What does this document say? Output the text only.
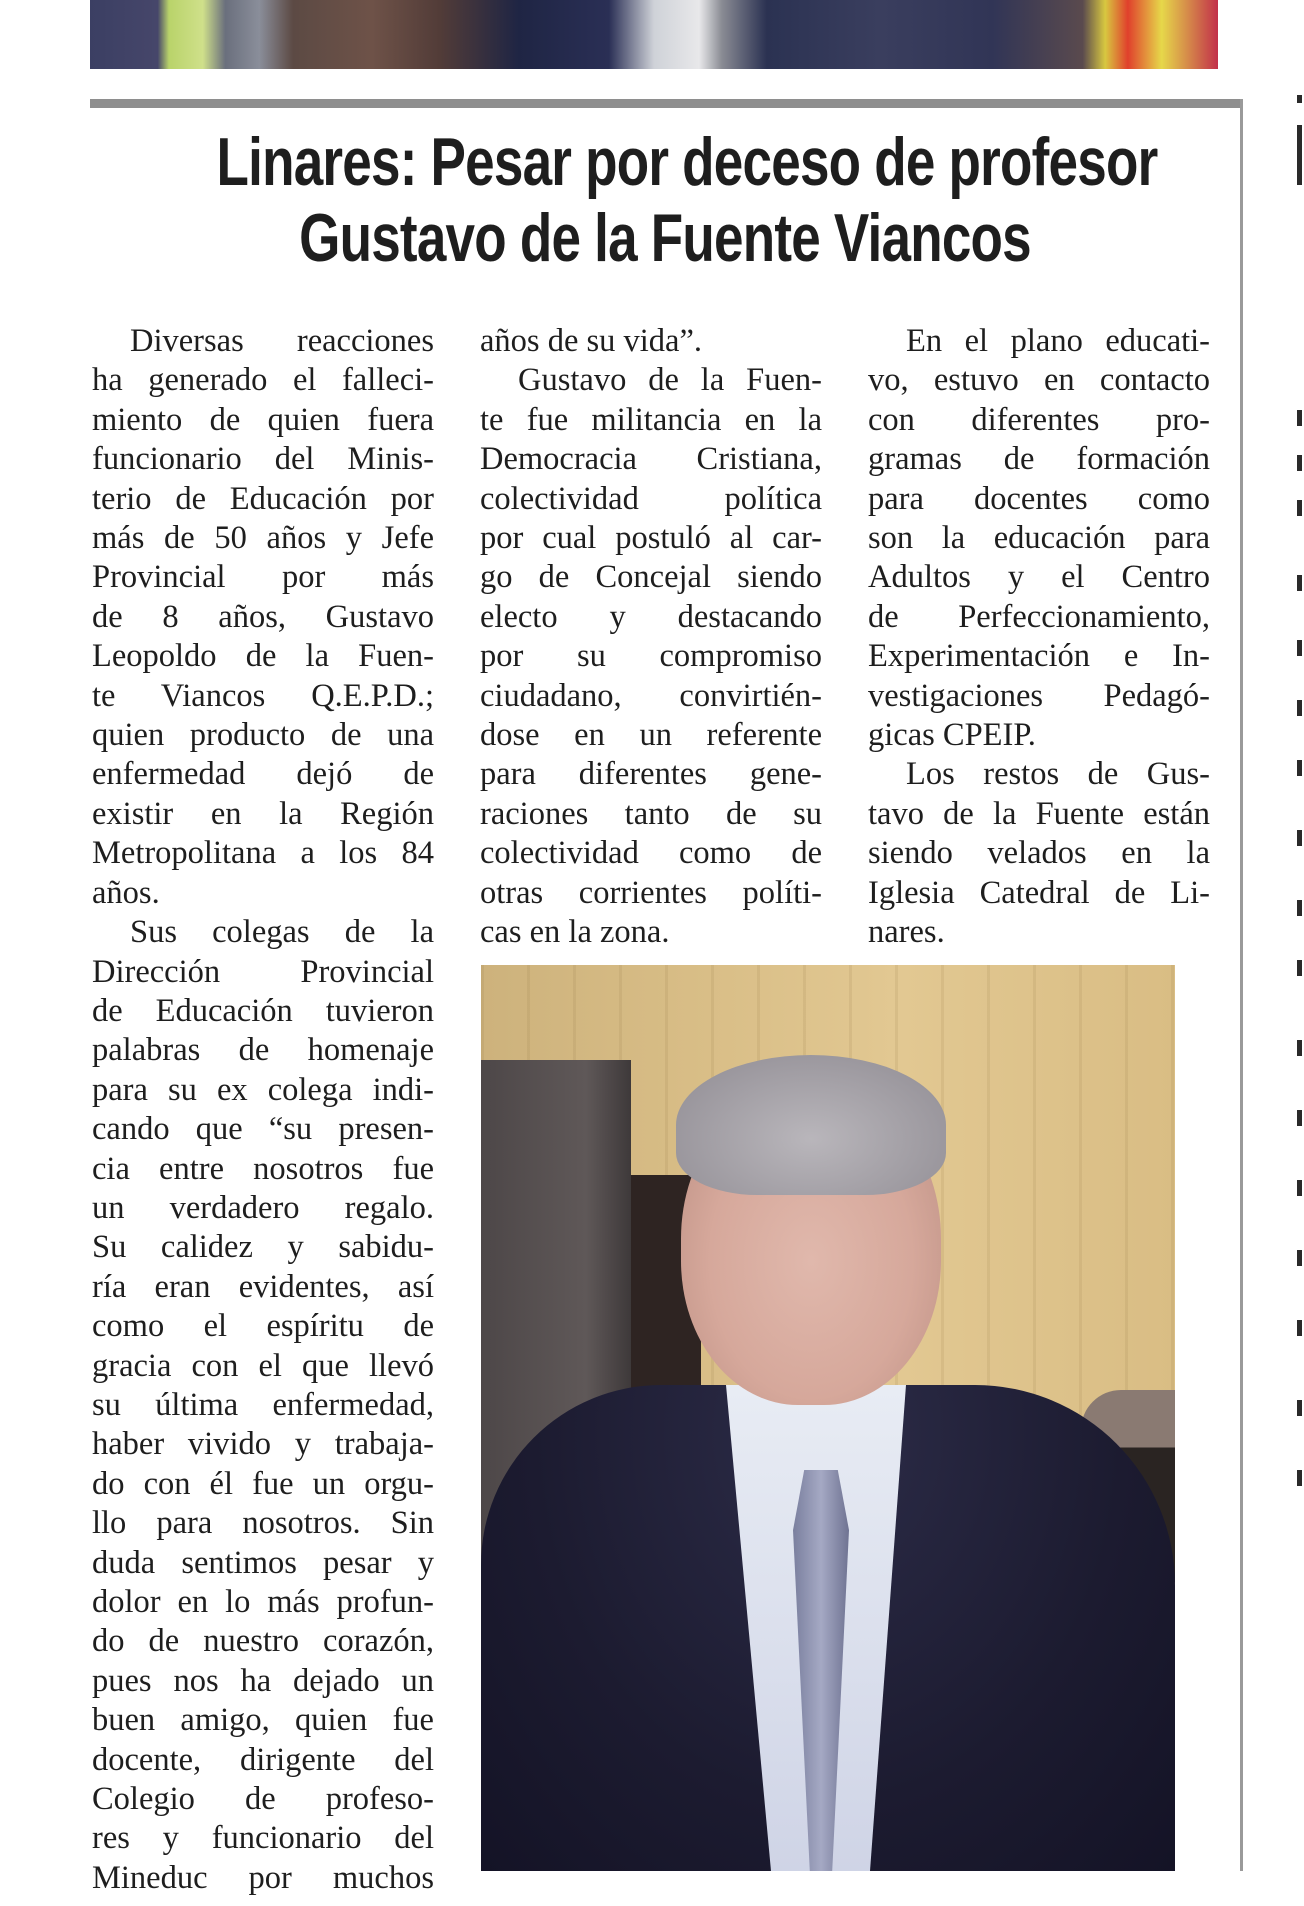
Linares: Pesar por deceso de profesor
Gustavo de la Fuente Viancos
Diversas reacciones
ha generado el falleci-
miento de quien fuera
funcionario del Minis-
terio de Educación por
más de 50 años y Jefe
Provincial por más
de 8 años, Gustavo
Leopoldo de la Fuen-
te Viancos Q.E.P.D.;
quien producto de una
enfermedad dejó de
existir en la Región
Metropolitana a los 84
años.
Sus colegas de la
Dirección Provincial
de Educación tuvieron
palabras de homenaje
para su ex colega indi-
cando que “su presen-
cia entre nosotros fue
un verdadero regalo.
Su calidez y sabidu-
ría eran evidentes, así
como el espíritu de
gracia con el que llevó
su última enfermedad,
haber vivido y trabaja-
do con él fue un orgu-
llo para nosotros. Sin
duda sentimos pesar y
dolor en lo más profun-
do de nuestro corazón,
pues nos ha dejado un
buen amigo, quien fue
docente, dirigente del
Colegio de profeso-
res y funcionario del
Mineduc por muchos
años de su vida”.
Gustavo de la Fuen-
te fue militancia en la
Democracia Cristiana,
colectividad política
por cual postuló al car-
go de Concejal siendo
electo y destacando
por su compromiso
ciudadano, convirtién-
dose en un referente
para diferentes gene-
raciones tanto de su
colectividad como de
otras corrientes políti-
cas en la zona.
En el plano educati-
vo, estuvo en contacto
con diferentes pro-
gramas de formación
para docentes como
son la educación para
Adultos y el Centro
de Perfeccionamiento,
Experimentación e In-
vestigaciones Pedagó-
gicas CPEIP.
Los restos de Gus-
tavo de la Fuente están
siendo velados en la
Iglesia Catedral de Li-
nares.
